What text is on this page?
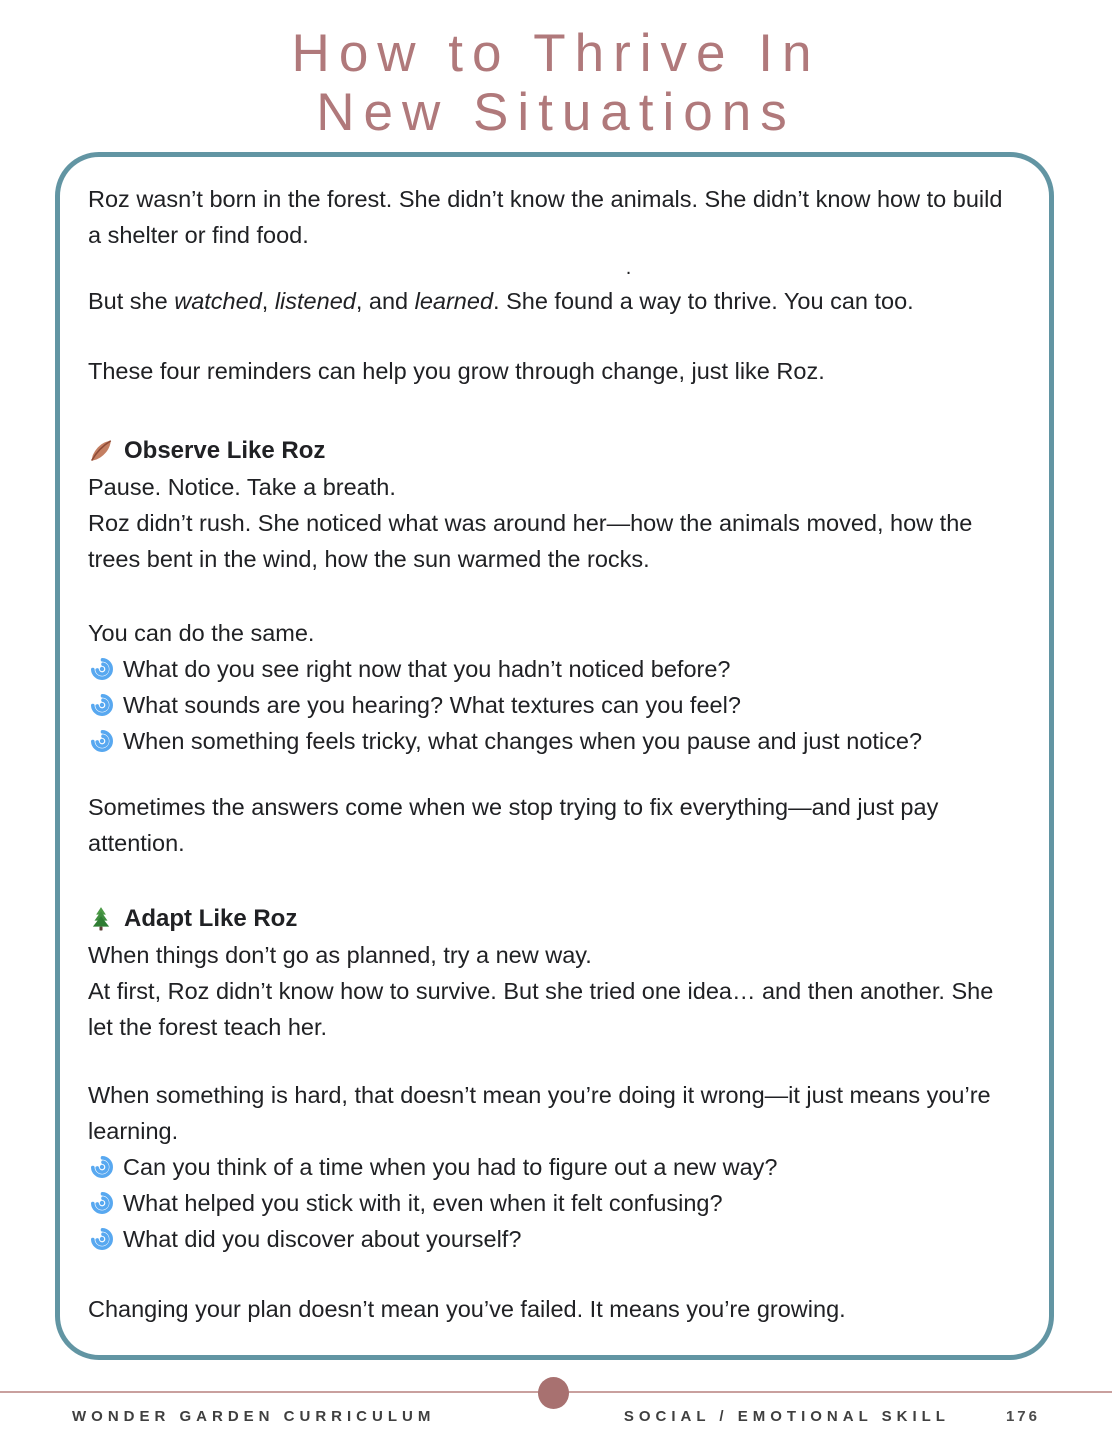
How to Thrive In
New Situations

Roz wasn’t born in the forest. She didn’t know the animals. She didn’t know how to build a shelter or find food.

.

But she watched, listened, and learned. She found a way to thrive. You can too.

These four reminders can help you grow through change, just like Roz.

Observe Like Roz
Pause. Notice. Take a breath.
Roz didn’t rush. She noticed what was around her—how the animals moved, how the trees bent in the wind, how the sun warmed the rocks.
You can do the same.
What do you see right now that you hadn’t noticed before?
What sounds are you hearing? What textures can you feel?
When something feels tricky, what changes when you pause and just notice?
Sometimes the answers come when we stop trying to fix everything—and just pay attention.
Adapt Like Roz
When things don’t go as planned, try a new way.
At first, Roz didn’t know how to survive. But she tried one idea… and then another. She let the forest teach her.
When something is hard, that doesn’t mean you’re doing it wrong—it just means you’re learning.
Can you think of a time when you had to figure out a new way?
What helped you stick with it, even when it felt confusing?
What did you discover about yourself?
Changing your plan doesn’t mean you’ve failed. It means you’re growing.
WONDER GARDEN CURRICULUM	SOCIAL / EMOTIONAL SKILL	176
